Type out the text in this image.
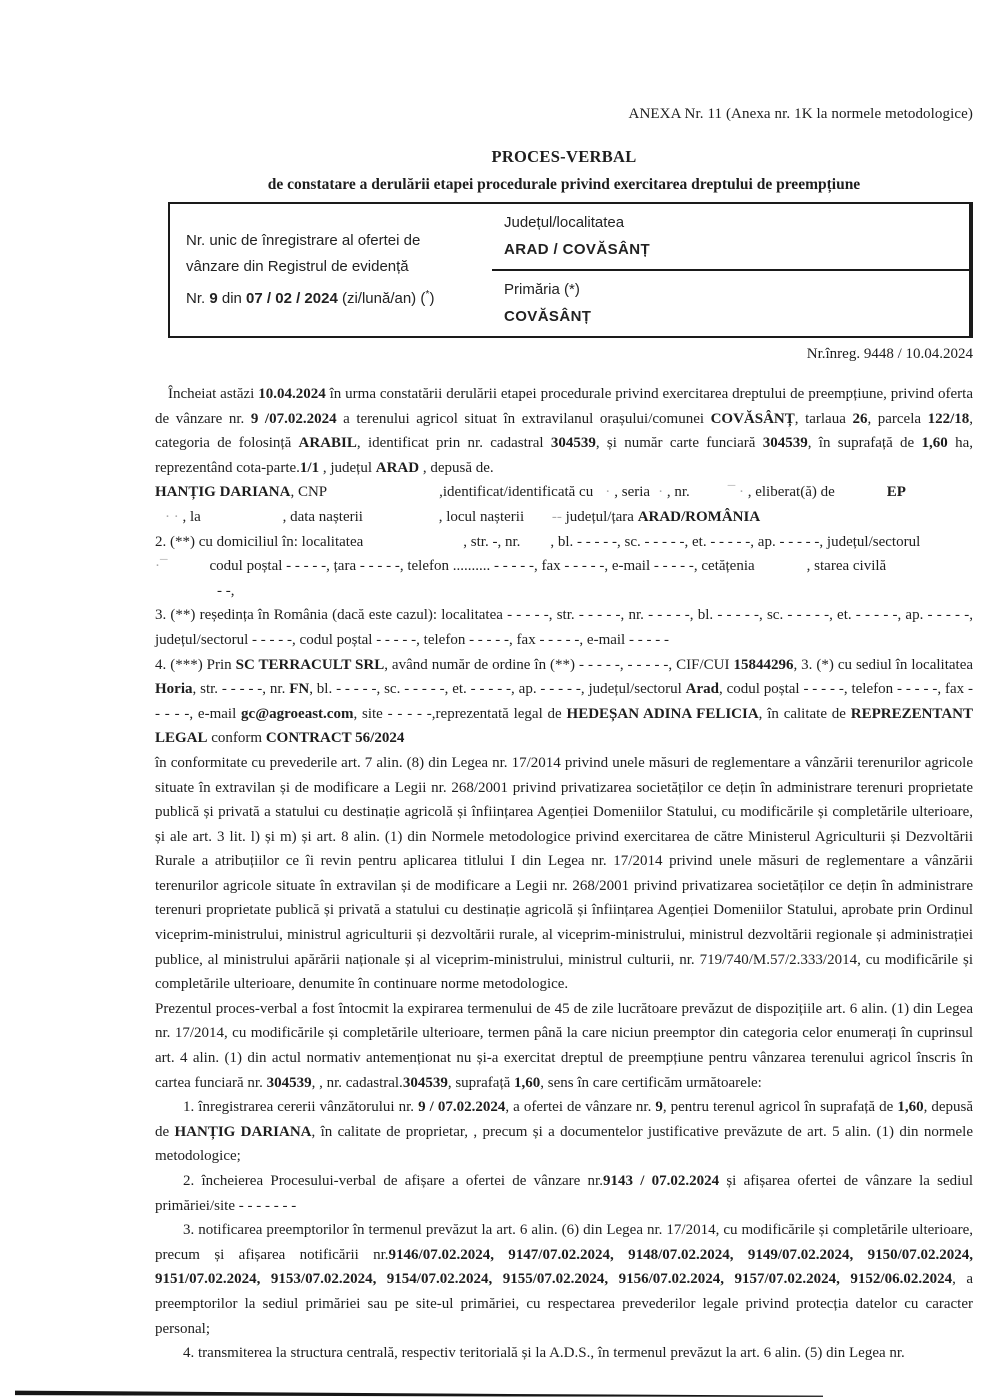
ANEXA Nr. 11 (Anexa nr. 1K la normele metodologice)
PROCES-VERBAL
de constatare a derulării etapei procedurale privind exercitarea dreptului de preempțiune
Județul/localitatea
ARAD / COVĂSÂNȚ
Nr. unic de înregistrare al ofertei de vânzare din Registrul de evidență
Nr. 9 din 07 / 02 / 2024 (zi/lună/an) (*)
Primăria (*)
COVĂSÂNȚ
Nr.înreg. 9448 / 10.04.2024

Încheiat astăzi 10.04.2024 în urma constatării derulării etapei procedurale privind exercitarea dreptului de preempțiune, privind oferta de vânzare nr. 9 /07.02.2024 a terenului agricol situat în extravilanul orașului/comunei COVĂSÂNȚ, tarlaua 26, parcela 122/18, categoria de folosință ARABIL, identificat prin nr. cadastral 304539, și număr carte funciară 304539, în suprafață de 1,60 ha, reprezentând cota-parte.1/1 , județul ARAD , depusă de.

HANȚIG DARIANA, CNP	,identificat/identificată cu · , seria · , nr.	¯ · , eliberat(ă) de	EP
· · , la	, data nașterii	, locul nașterii -- județul/țara ARAD/ROMÂNIA
2. (**) cu domiciliul în: localitatea	, str. -, nr. , bl. - - - - -, sc. - - - - -, et. - - - - -, ap. - - - - -, județul/sectorul
·¯	codul poștal - - - - -, țara - - - - -, telefon .......... - - - - -, fax - - - - -, e-mail - - - - -, cetățenia	, starea civilă
- -,

3. (**) reședința în România (dacă este cazul): localitatea - - - - -, str. - - - - -, nr. - - - - -, bl. - - - - -, sc. - - - - -, et. - - - - -, ap. - - - - -, județul/sectorul - - - - -, codul poștal - - - - -, telefon - - - - -, fax - - - - -, e-mail - - - - -

4. (***) Prin SC TERRACULT SRL, având număr de ordine în (**) - - - - -, - - - - -, CIF/CUI 15844296, 3. (*) cu sediul în localitatea Horia, str. - - - - -, nr. FN, bl. - - - - -, sc. - - - - -, et. - - - - -, ap. - - - - -, județul/sectorul Arad, codul poștal - - - - -, telefon - - - - -, fax - - - - -, e-mail gc@agroeast.com, site - - - - -,reprezentată legal de HEDEȘAN ADINA FELICIA, în calitate de REPREZENTANT LEGAL conform CONTRACT 56/2024

în conformitate cu prevederile art. 7 alin. (8) din Legea nr. 17/2014 privind unele măsuri de reglementare a vânzării terenurilor agricole situate în extravilan și de modificare a Legii nr. 268/2001 privind privatizarea societăților ce dețin în administrare terenuri proprietate publică și privată a statului cu destinație agricolă și înființarea Agenției Domeniilor Statului, cu modificările și completările ulterioare, și ale art. 3 lit. l) și m) și art. 8 alin. (1) din Normele metodologice privind exercitarea de către Ministerul Agriculturii și Dezvoltării Rurale a atribuțiilor ce îi revin pentru aplicarea titlului I din Legea nr. 17/2014 privind unele măsuri de reglementare a vânzării terenurilor agricole situate în extravilan și de modificare a Legii nr. 268/2001 privind privatizarea societăților ce dețin în administrare terenuri proprietate publică și privată a statului cu destinație agricolă și înființarea Agenției Domeniilor Statului, aprobate prin Ordinul viceprim-ministrului, ministrul agriculturii și dezvoltării rurale, al viceprim-ministrului, ministrul dezvoltării regionale și administrației publice, al ministrului apărării naționale și al viceprim-ministrului, ministrul culturii, nr. 719/740/M.57/2.333/2014, cu modificările și completările ulterioare, denumite în continuare norme metodologice.

Prezentul proces-verbal a fost întocmit la expirarea termenului de 45 de zile lucrătoare prevăzut de dispozițiile art. 6 alin. (1) din Legea nr. 17/2014, cu modificările și completările ulterioare, termen până la care niciun preemptor din categoria celor enumerați în cuprinsul art. 4 alin. (1) din actul normativ antemenționat nu și-a exercitat dreptul de preempțiune pentru vânzarea terenului agricol înscris în cartea funciară nr. 304539, , nr. cadastral.304539, suprafață 1,60, sens în care certificăm următoarele:

1. înregistrarea cererii vânzătorului nr. 9 / 07.02.2024, a ofertei de vânzare nr. 9, pentru terenul agricol în suprafață de 1,60, depusă de HANȚIG DARIANA, în calitate de proprietar, , precum și a documentelor justificative prevăzute de art. 5 alin. (1) din normele metodologice;

2. încheierea Procesului-verbal de afișare a ofertei de vânzare nr.9143 / 07.02.2024 și afișarea ofertei de vânzare la sediul primăriei/site - - - - - - -

3. notificarea preemptorilor în termenul prevăzut la art. 6 alin. (6) din Legea nr. 17/2014, cu modificările și completările ulterioare, precum și afișarea notificării nr.9146/07.02.2024, 9147/07.02.2024, 9148/07.02.2024, 9149/07.02.2024, 9150/07.02.2024, 9151/07.02.2024, 9153/07.02.2024, 9154/07.02.2024, 9155/07.02.2024, 9156/07.02.2024, 9157/07.02.2024, 9152/06.02.2024, a preemptorilor la sediul primăriei sau pe site-ul primăriei, cu respectarea prevederilor legale privind protecția datelor cu caracter personal;

4. transmiterea la structura centrală, respectiv teritorială și la A.D.S., în termenul prevăzut la art. 6 alin. (5) din Legea nr.
